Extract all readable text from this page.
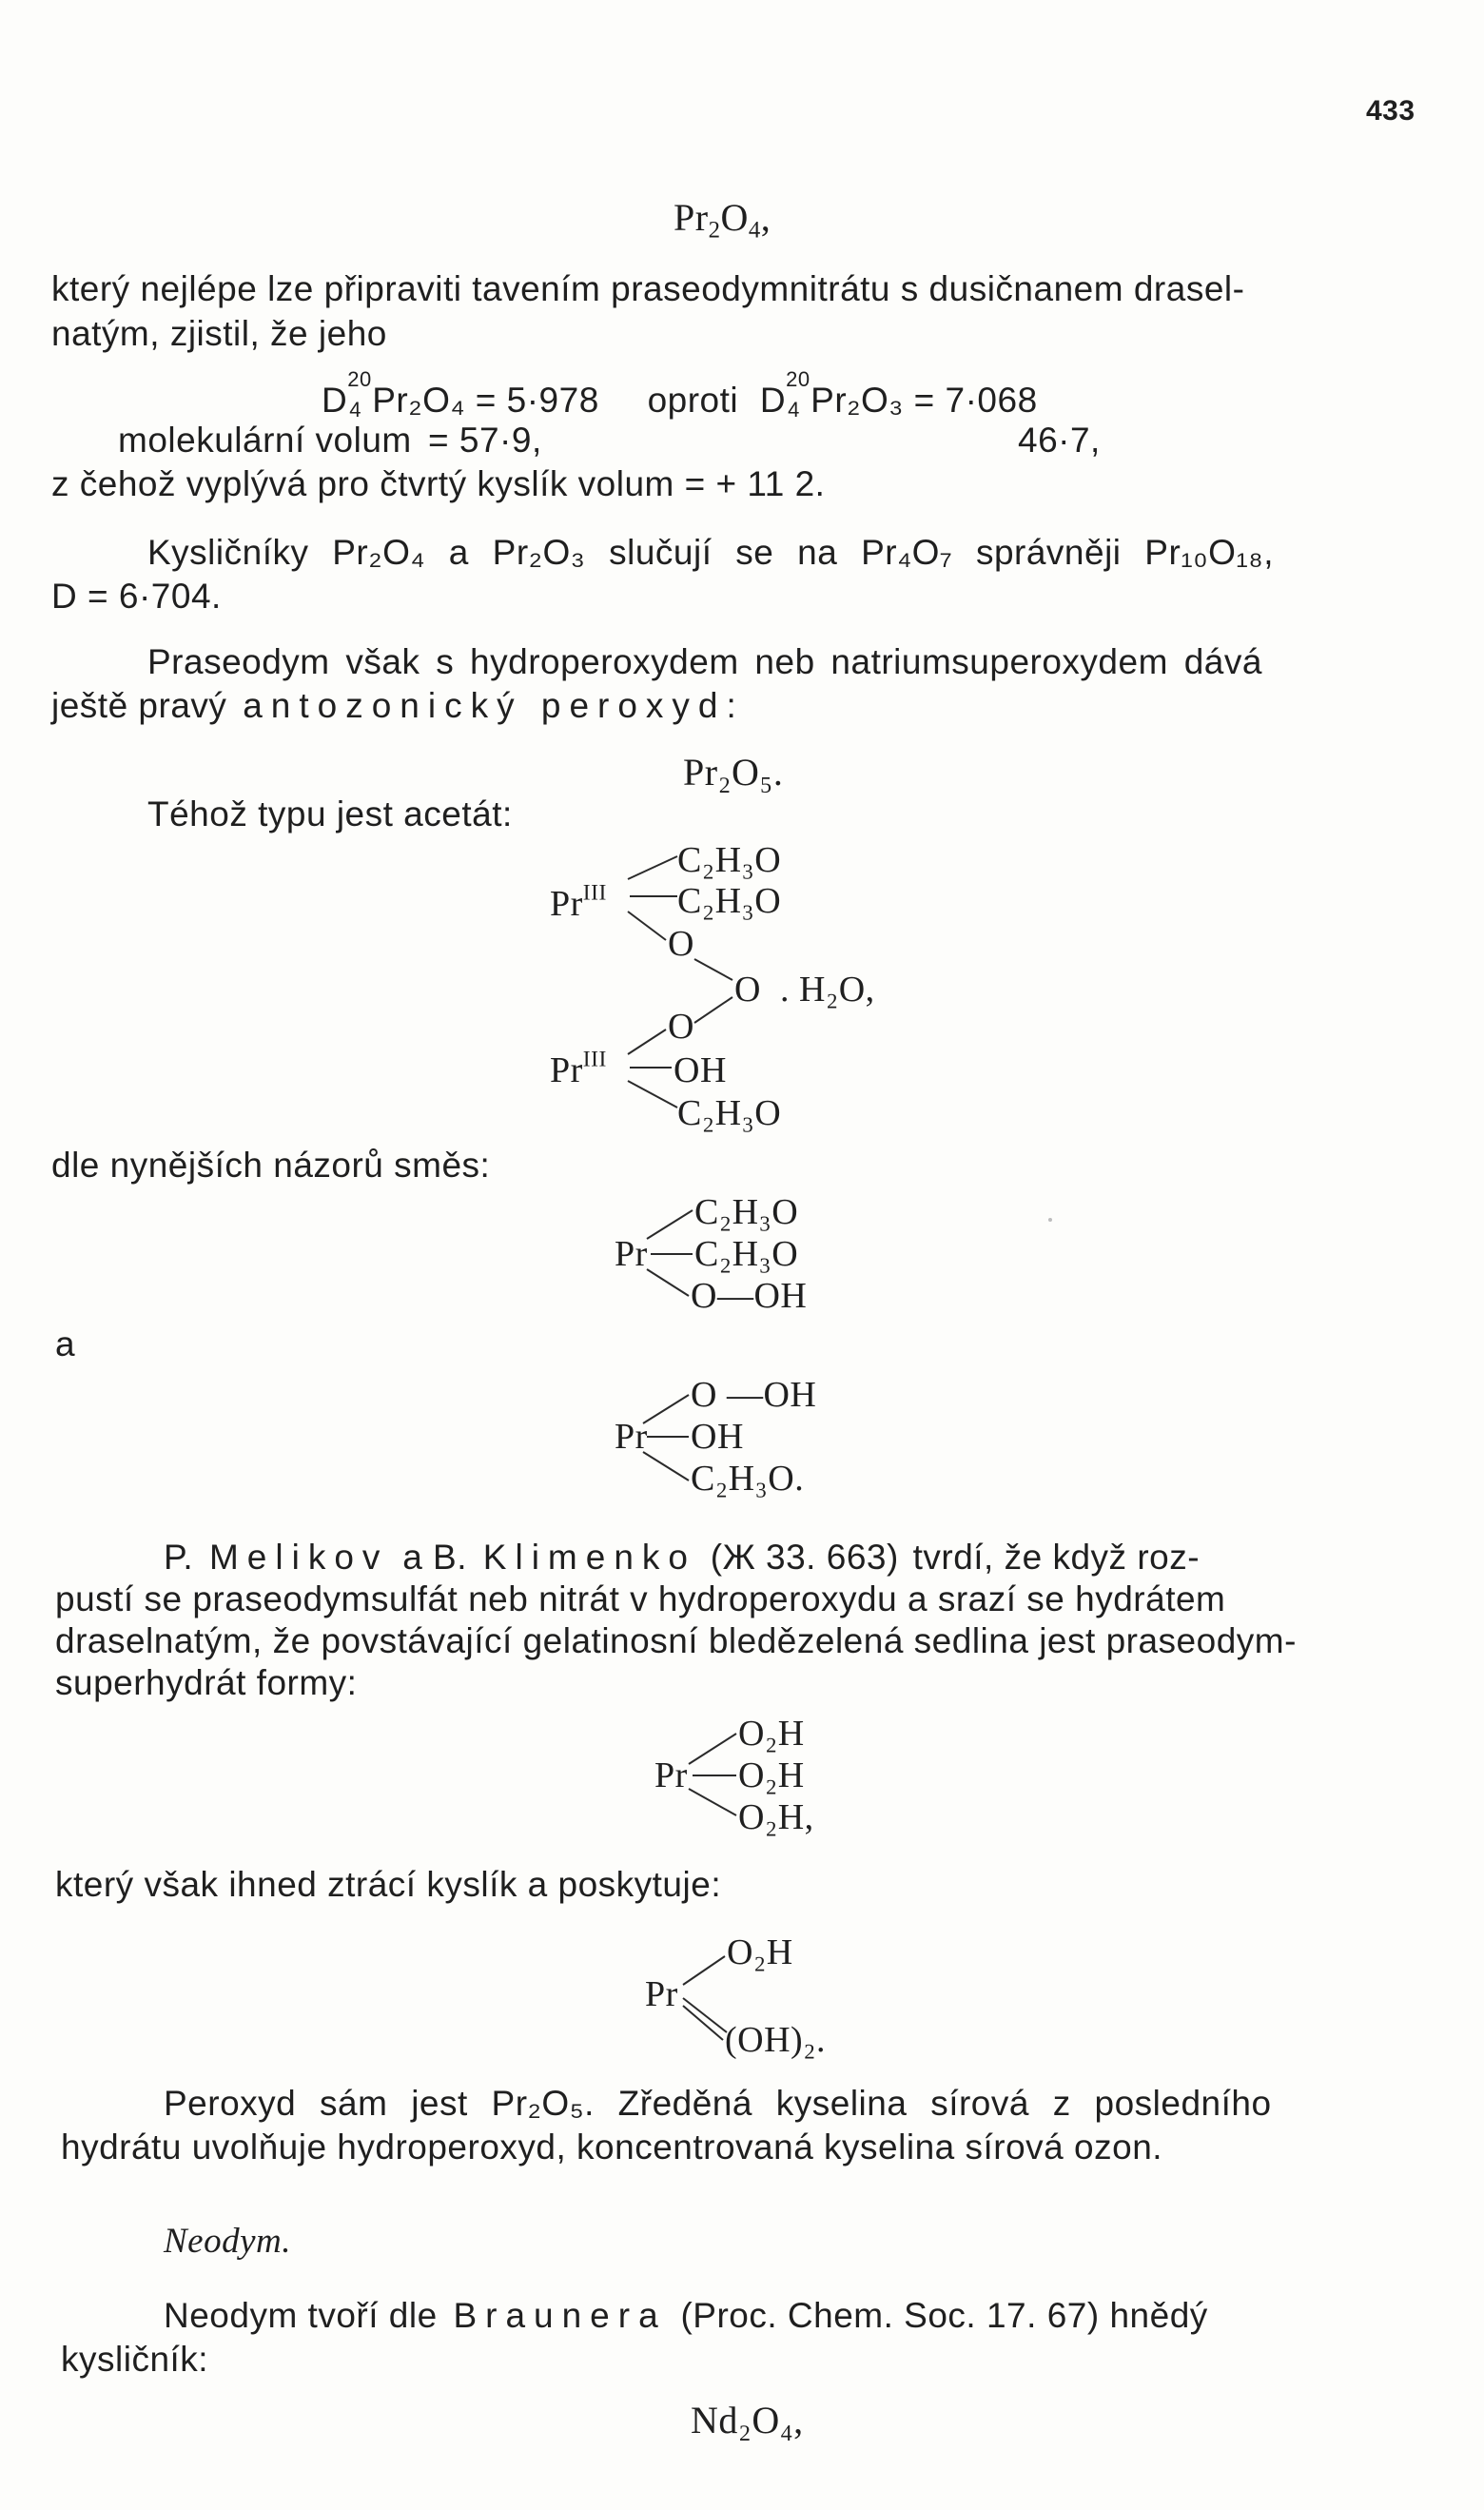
433
$Pr_2O_4$,
který nejlépe lze připraviti tavením praseodymnitrátu s dusičnanem drasel-
natým, zjistil, že jeho
D
20
4 Pr₂O₄ = 5·978 oproti D
20
4 Pr₂O₃ = 7·068
molekulární volum = 57·9,	46·7,
z čehož vyplývá pro čtvrtý kyslík volum = + 11 2.
Kysličníky Pr₂O₄ a Pr₂O₃ slučují se na Pr₄O₇ správněji Pr₁₀O₁₈,
D = 6·704.
Praseodym však s hydroperoxydem neb natriumsuperoxydem dává
ještě pravý antozonický peroxyd:
Pr₂O₅.
Téhož typu jest acetát:
$Pr^{III}$
C₂H₃O
C₂H₃O
O
O . H₂O,
O
$Pr^{III}$ OH
C₂H₃O
dle nynějších názorů směs:
Pr
C₂H₃O
C₂H₃O
O—OH
a
Pr
O —OH
OH
C₂H₃O.
P. Melikov a B. Klimenko (Ж 33. 663) tvrdí, že když roz-
pustí se praseodymsulfát neb nitrát v hydroperoxydu a srazí se hydrátem
draselnatým, že povstávající gelatinosní bledězelená sedlina jest praseodym-
superhydrát formy:
Pr
O₂H
O₂H
O₂H,
který však ihned ztrácí kyslík a poskytuje:
Pr
O₂H
(OH)₂.
Peroxyd sám jest Pr₂O₅. Zředěná kyselina sírová z posledního
hydrátu uvolňuje hydroperoxyd, koncentrovaná kyselina sírová ozon.
Neodym.
Neodym tvoří dle Braunera (Proc. Chem. Soc. 17. 67) hnědý
kysličník:
Nd₂O₄,
